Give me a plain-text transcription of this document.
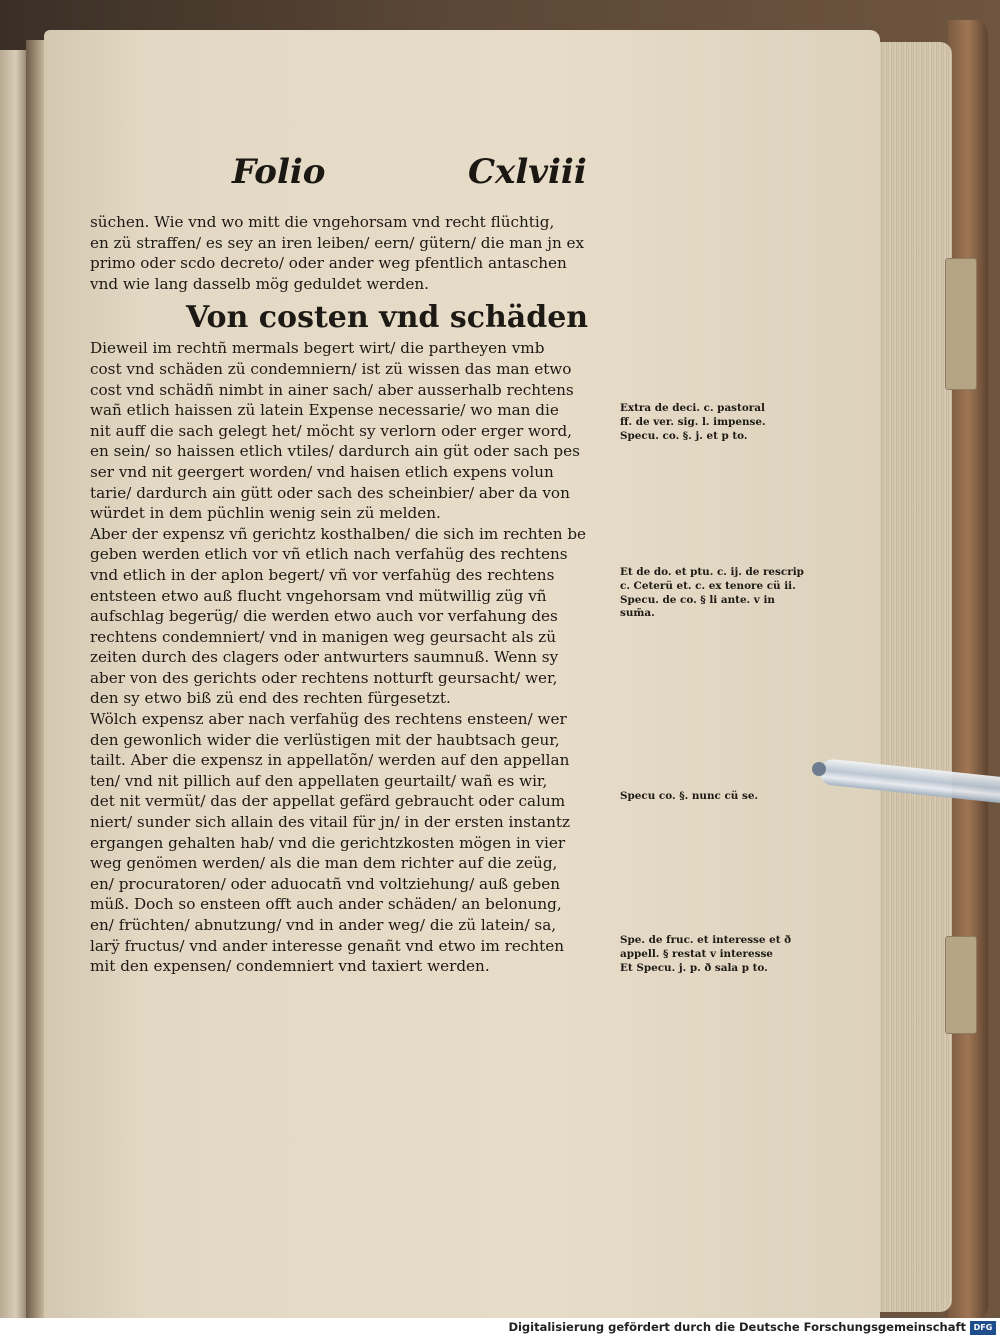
Folio	Cxlviii
süchen. Wie vnd wo mitt die vngehorsam vnd recht flüchtig,
en zü straffen/ es sey an iren leiben/ eern/ gütern/ die man jn ex
primo oder scdo decreto/ oder ander weg pfentlich antaschen
vnd wie lang dasselb mög geduldet werden.
Von costen vnd schäden
Dieweil im rechtñ mermals begert wirt/ die partheyen vmb
cost vnd schäden zü condemniern/ ist zü wissen das man etwo
cost vnd schädñ nimbt in ainer sach/ aber ausserhalb rechtens
wañ etlich haissen zü latein Expense necessarie/ wo man die
nit auff die sach gelegt het/ möcht sy verlorn oder erger word,
en sein/ so haissen etlich vtiles/ dardurch ain güt oder sach pes
ser vnd nit geergert worden/ vnd haisen etlich expens volun
tarie/ dardurch ain gütt oder sach des scheinbier/ aber da von
würdet in dem püchlin wenig sein zü melden.
Aber der expensz vñ gerichtz kosthalben/ die sich im rechten be
geben werden etlich vor vñ etlich nach verfahüg des rechtens
vnd etlich in der aplon begert/ vñ vor verfahüg des rechtens
entsteen etwo auß flucht vngehorsam vnd mütwillig züg vñ
aufschlag begerüg/ die werden etwo auch vor verfahung des
rechtens condemniert/ vnd in manigen weg geursacht als zü
zeiten durch des clagers oder antwurters saumnuß. Wenn sy
aber von des gerichts oder rechtens notturft geursacht/ wer,
den sy etwo biß zü end des rechten fürgesetzt.
Wölch expensz aber nach verfahüg des rechtens ensteen/ wer
den gewonlich wider die verlüstigen mit der haubtsach geur,
tailt. Aber die expensz in appellatõn/ werden auf den appellan
ten/ vnd nit pillich auf den appellaten geurtailt/ wañ es wir,
det nit vermüt/ das der appellat gefärd gebraucht oder calum
niert/ sunder sich allain des vitail für jn/ in der ersten instantz
ergangen gehalten hab/ vnd die gerichtzkosten mögen in vier
weg genömen werden/ als die man dem richter auf die zeüg,
en/ procuratoren/ oder aduocatñ vnd voltziehung/ auß geben
müß. Doch so ensteen offt auch ander schäden/ an belonung,
en/ früchten/ abnutzung/ vnd in ander weg/ die zü latein/ sa,
larÿ fructus/ vnd ander interesse genañt vnd etwo im rechten
mit den expensen/ condemniert vnd taxiert werden.
Extra de deci. c. pastoral
ff. de ver. sig. l. impense.
Specu. co. §. j. et p to.
Et de do. et ptu. c. ij. de rescrip
c. Ceterü et. c. ex tenore cü ii.
Specu. de co. § li ante. v in
sum̃a.
Specu co. §. nunc cü se.
Spe. de fruc. et interesse et ð
appell. § restat v interesse
Et Specu. j. p. ð sala p to.
Digitalisierung gefördert durch die Deutsche Forschungsgemeinschaft DFG
